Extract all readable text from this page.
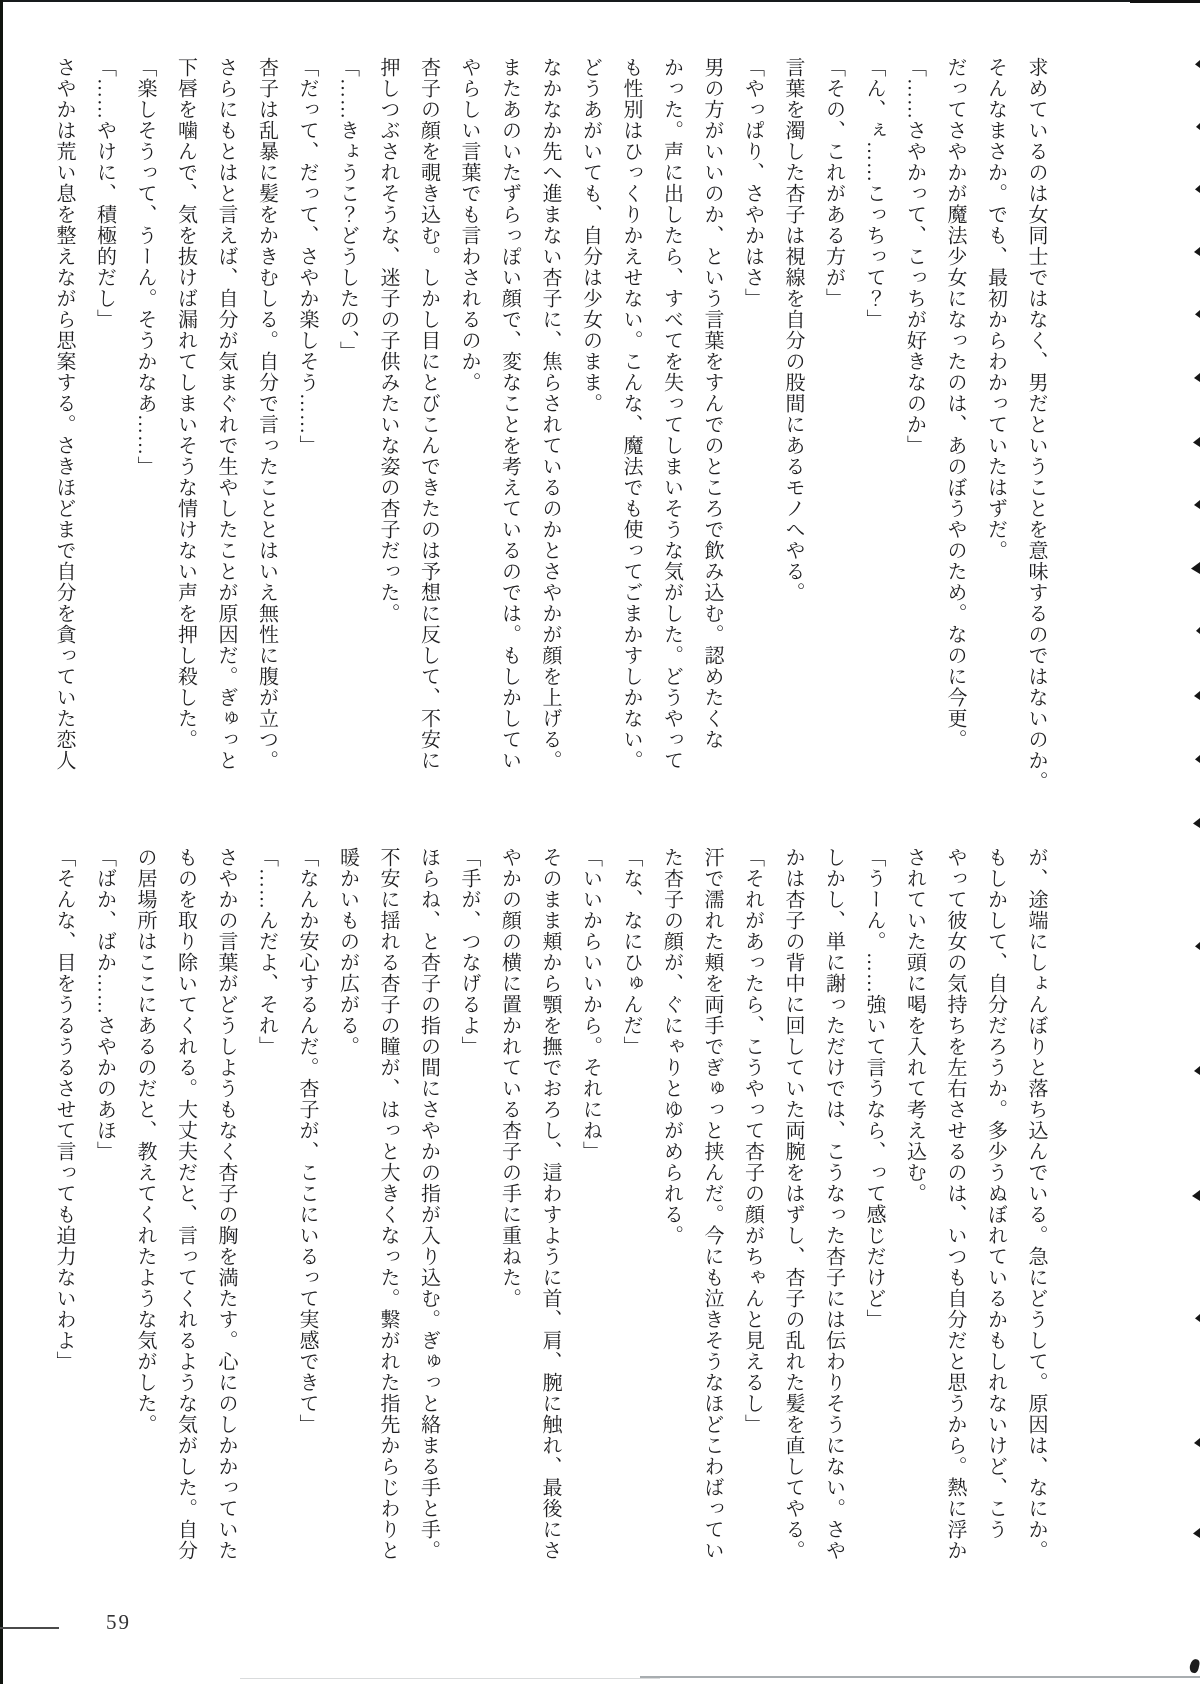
求めているのは女同士ではなく、男だということを意味するのではないのか。

そんなまさか。でも、最初からわかっていたはずだ。

だってさやかが魔法少女になったのは、あのぼうやのため。なのに今更。

「……さやかって、こっちが好きなのか」

「ん、ぇ……こっちって？」

「その、これがある方が」

言葉を濁した杏子は視線を自分の股間にあるモノへやる。

「やっぱり、さやかはさ」

男の方がいいのか、という言葉をすんでのところで飲み込む。認めたくな

かった。声に出したら、すべてを失ってしまいそうな気がした。どうやって

も性別はひっくりかえせない。こんな、魔法でも使ってごまかすしかない。

どうあがいても、自分は少女のまま。

なかなか先へ進まない杏子に、焦らされているのかとさやかが顔を上げる。

またあのいたずらっぽい顔で、変なことを考えているのでは。もしかしてい

やらしい言葉でも言わされるのか。

杏子の顔を覗き込む。しかし目にとびこんできたのは予想に反して、不安に

押しつぶされそうな、迷子の子供みたいな姿の杏子だった。

「……きょうこ？どうしたの、」

「だって、だって、さやか楽しそう……」

杏子は乱暴に髪をかきむしる。自分で言ったこととはいえ無性に腹が立つ。

さらにもとはと言えば、自分が気まぐれで生やしたことが原因だ。ぎゅっと

下唇を噛んで、気を抜けば漏れてしまいそうな情けない声を押し殺した。

「楽しそうって、うーん。そうかなあ……」

「……やけに、積極的だし」

さやかは荒い息を整えながら思案する。さきほどまで自分を貪っていた恋人

が、途端にしょんぼりと落ち込んでいる。急にどうして。原因は、なにか。

もしかして、自分だろうか。多少うぬぼれているかもしれないけど、こう

やって彼女の気持ちを左右させるのは、いつも自分だと思うから。熱に浮か

されていた頭に喝を入れて考え込む。

「うーん。……強いて言うなら、って感じだけど」

しかし、単に謝っただけでは、こうなった杏子には伝わりそうにない。さや

かは杏子の背中に回していた両腕をはずし、杏子の乱れた髪を直してやる。

「それがあったら、こうやって杏子の顔がちゃんと見えるし」

汗で濡れた頬を両手でぎゅっと挟んだ。今にも泣きそうなほどこわばってい

た杏子の顔が、ぐにゃりとゆがめられる。

「な、なにひゅんだ」

「いいからいいから。それにね」

そのまま頬から顎を撫でおろし、這わすように首、肩、腕に触れ、最後にさ

やかの顔の横に置かれている杏子の手に重ねた。

「手が、つなげるよ」

ほらね、と杏子の指の間にさやかの指が入り込む。ぎゅっと絡まる手と手。

不安に揺れる杏子の瞳が、はっと大きくなった。繋がれた指先からじわりと

暖かいものが広がる。

「なんか安心するんだ。杏子が、ここにいるって実感できて」

「……んだよ、それ」

さやかの言葉がどうしようもなく杏子の胸を満たす。心にのしかかっていた

ものを取り除いてくれる。大丈夫だと、言ってくれるような気がした。自分

の居場所はここにあるのだと、教えてくれたような気がした。

「ばか、ばか……さやかのあほ」

「そんな、目をうるうるさせて言っても迫力ないわよ」

59
